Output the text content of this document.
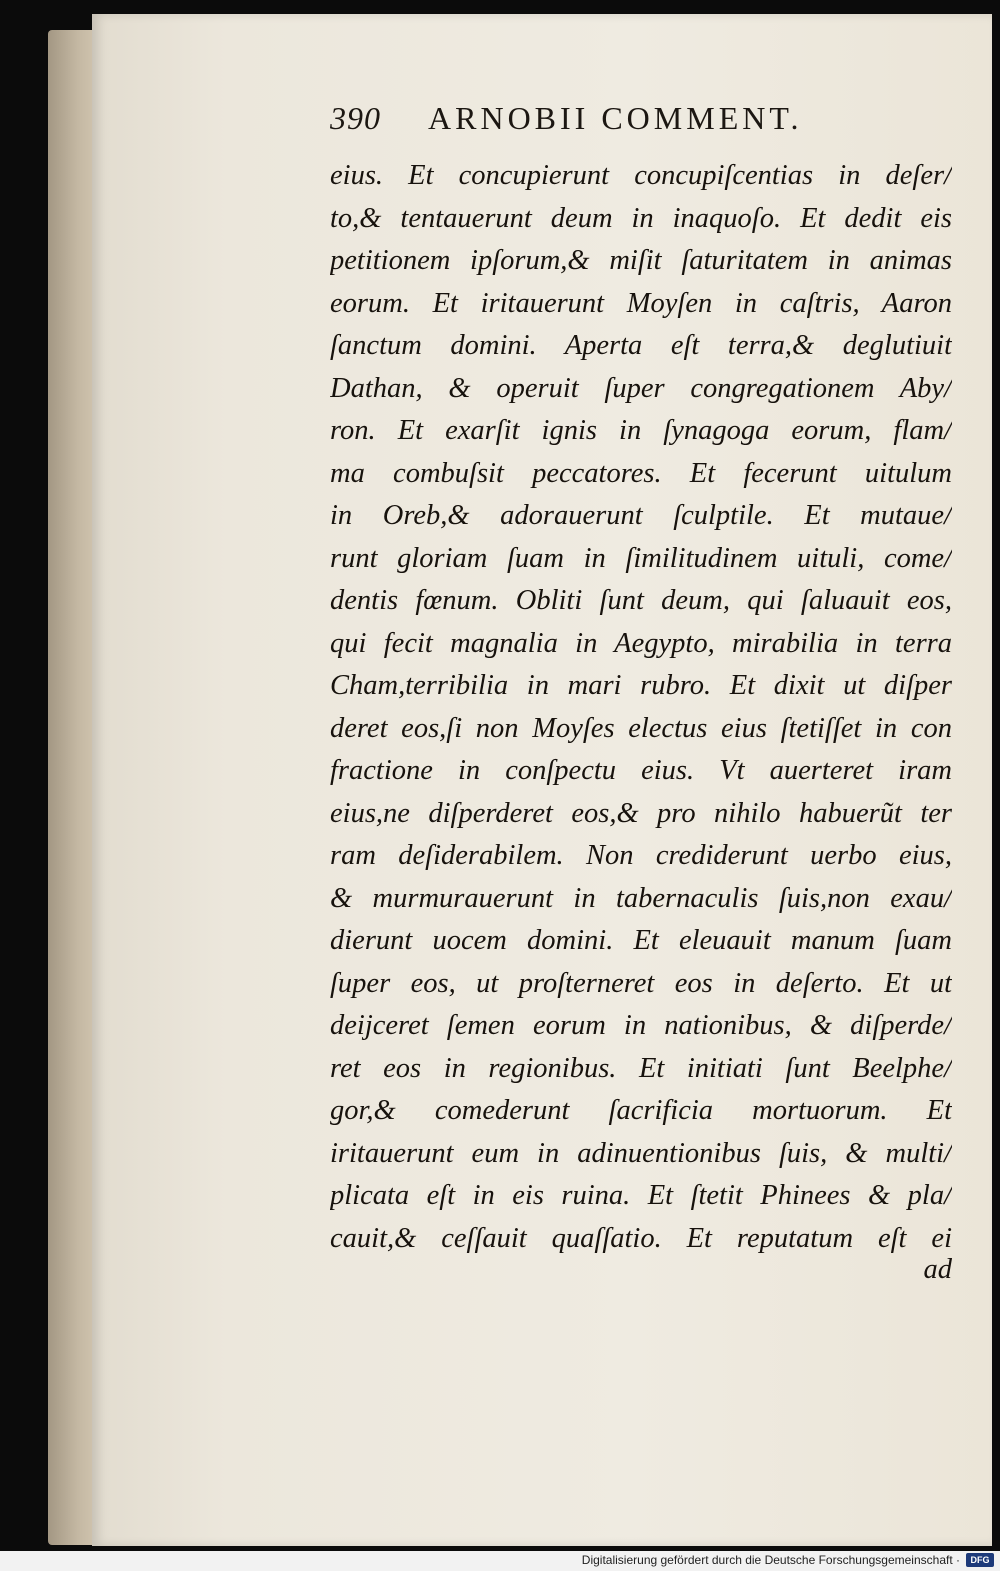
390 ARNOBII COMMENT.
eius. Et concupierunt concupiſcentias in deſer/
to,& tentauerunt deum in inaquoſo. Et dedit eis
petitionem ipſorum,& miſit ſaturitatem in animas
eorum. Et iritauerunt Moyſen in caſtris, Aaron
ſanctum domini. Aperta eſt terra,& deglutiuit
Dathan, & operuit ſuper congregationem Aby/
ron. Et exarſit ignis in ſynagoga eorum, flam/
ma combuſsit peccatores. Et fecerunt uitulum
in Oreb,& adorauerunt ſculptile. Et mutaue/
runt gloriam ſuam in ſimilitudinem uituli, come/
dentis fœnum. Obliti ſunt deum, qui ſaluauit eos,
qui fecit magnalia in Aegypto, mirabilia in terra
Cham,terribilia in mari rubro. Et dixit ut diſper
deret eos,ſi non Moyſes electus eius ſtetiſſet in con
fractione in conſpectu eius. Vt auerteret iram
eius,ne diſperderet eos,& pro nihilo habuerũt ter
ram deſiderabilem. Non crediderunt uerbo eius,
& murmurauerunt in tabernaculis ſuis,non exau/
dierunt uocem domini. Et eleuauit manum ſuam
ſuper eos, ut proſterneret eos in deſerto. Et ut
deijceret ſemen eorum in nationibus, & diſperde/
ret eos in regionibus. Et initiati ſunt Beelphe/
gor,& comederunt ſacrificia mortuorum. Et
iritauerunt eum in adinuentionibus ſuis, & multi/
plicata eſt in eis ruina. Et ſtetit Phinees & pla/
cauit,& ceſſauit quaſſatio. Et reputatum eſt ei
ad
Digitalisierung gefördert durch die Deutsche Forschungsgemeinschaft ·	DFG
